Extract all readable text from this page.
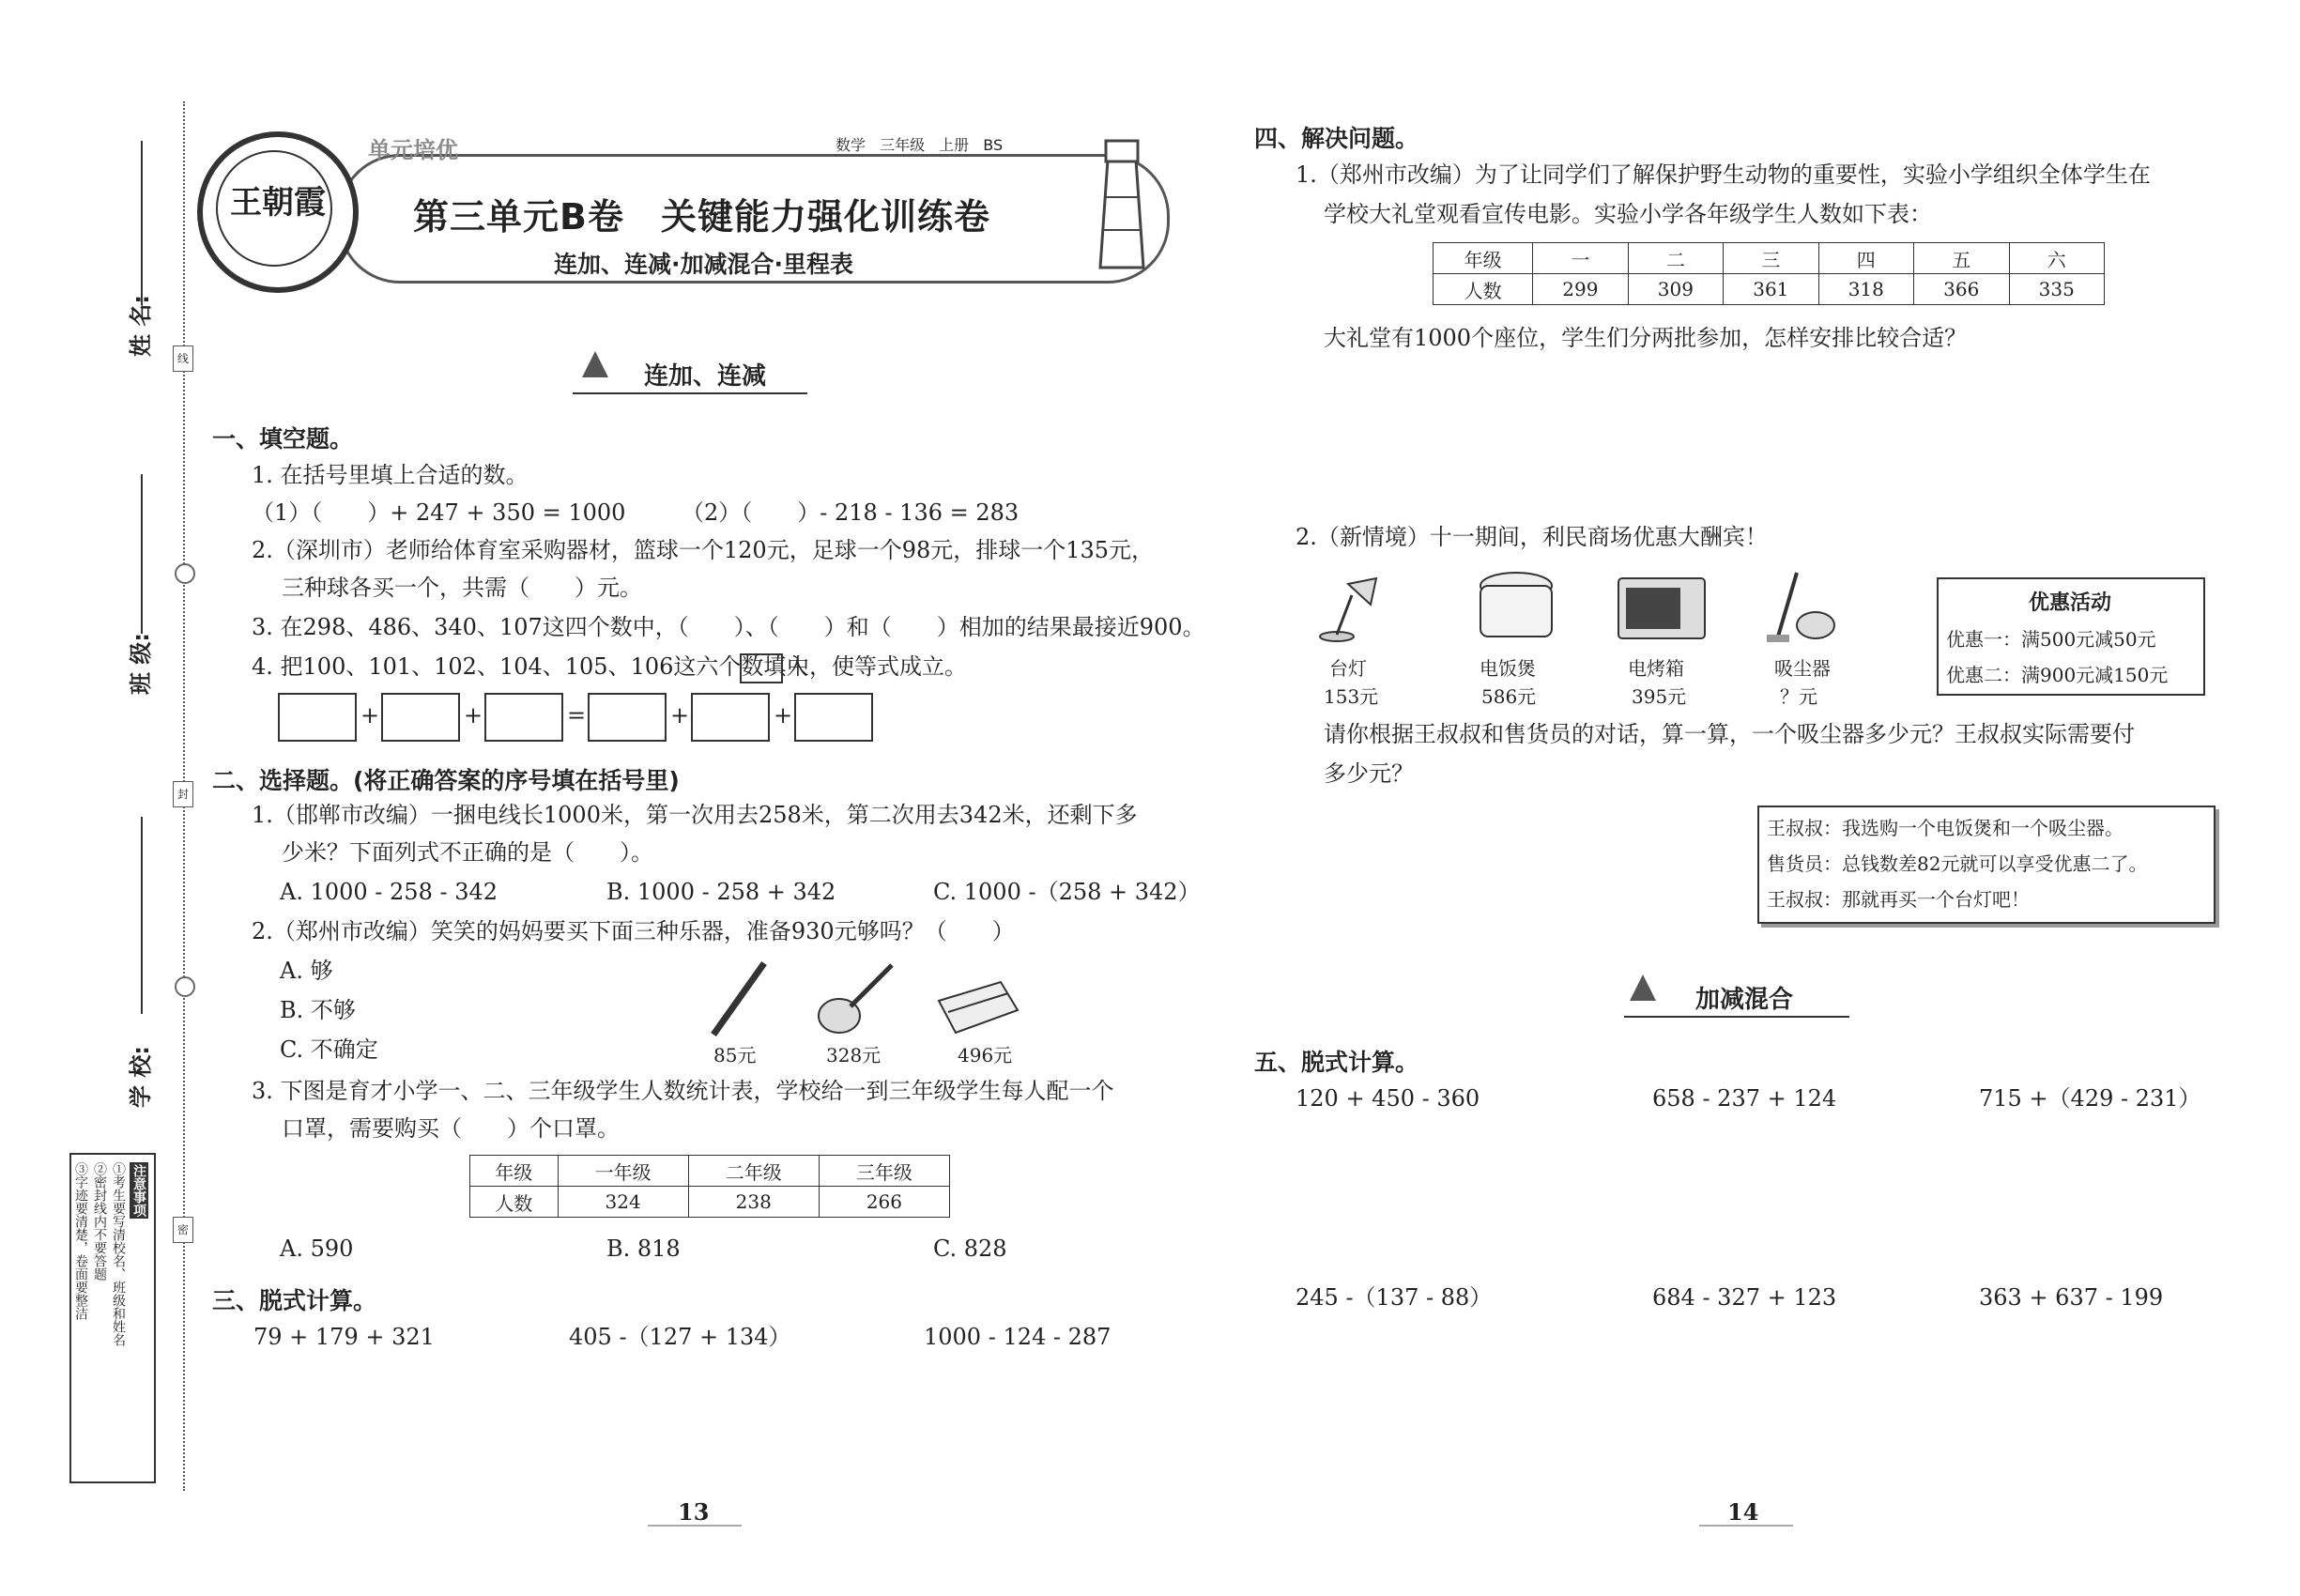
姓 名:
班 级:
学 校:
线
封
密
注意事项
①考生要写清校名、班级和姓名
②密封线内不要答题
③字迹要清楚，卷面要整洁
王朝霞
单元培优	数学 三年级 上册 BS
第三单元B卷　关键能力强化训练卷
连加、连减·加减混合·里程表
连加、连减
一、填空题。
1. 在括号里填上合适的数。
（1）（　　）+ 247 + 350 = 1000 （2）（　　）- 218 - 136 = 283
2.（深圳市）老师给体育室采购器材，篮球一个120元，足球一个98元，排球一个135元，
三种球各买一个，共需（　　）元。
3. 在298、486、340、107这四个数中，（　　）、（　　）和（　　）相加的结果最接近900。
4. 把100、101、102、104、105、106这六个数填入
中，使等式成立。
+	+	=	+	+
二、选择题。(将正确答案的序号填在括号里)
1.（邯郸市改编）一捆电线长1000米，第一次用去258米，第二次用去342米，还剩下多
少米？下面列式不正确的是（　　）。
A. 1000 - 258 - 342	B. 1000 - 258 + 342	C. 1000 -（258 + 342）
2.（郑州市改编）笑笑的妈妈要买下面三种乐器，准备930元够吗？（　　）
A. 够
B. 不够
C. 不确定	85元	328元	496元
3. 下图是育才小学一、二、三年级学生人数统计表，学校给一到三年级学生每人配一个
口罩，需要购买（　　）个口罩。
年级	一年级	二年级	三年级
人数	324	238	266
A. 590	B. 818	C. 828
三、脱式计算。
79 + 179 + 321	405 -（127 + 134）	1000 - 124 - 287
13
四、解决问题。
1.（郑州市改编）为了让同学们了解保护野生动物的重要性，实验小学组织全体学生在
学校大礼堂观看宣传电影。实验小学各年级学生人数如下表：
年级	一	二	三	四	五	六
人数	299	309	361	318	366	335
大礼堂有1000个座位，学生们分两批参加，怎样安排比较合适？
2.（新情境）十一期间，利民商场优惠大酬宾！
台灯
153元
电饭煲
586元
电烤箱
395元
吸尘器
？元
优惠活动
优惠一：满500元减50元
优惠二：满900元减150元
请你根据王叔叔和售货员的对话，算一算，一个吸尘器多少元？王叔叔实际需要付
多少元？
王叔叔：我选购一个电饭煲和一个吸尘器。
售货员：总钱数差82元就可以享受优惠二了。
王叔叔：那就再买一个台灯吧！
加减混合
五、脱式计算。
120 + 450 - 360	658 - 237 + 124	715 +（429 - 231）
245 -（137 - 88）	684 - 327 + 123	363 + 637 - 199
14
